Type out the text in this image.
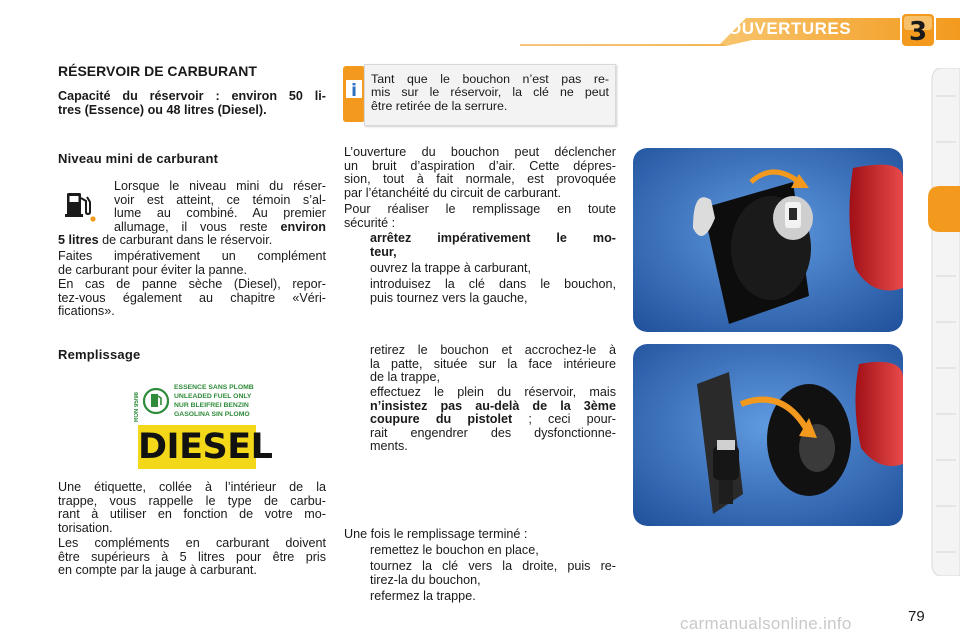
OUVERTURES 3
RÉSERVOIR DE CARBURANT
Capacité du réservoir : environ 50 li-
tres (Essence) ou 48 litres (Diesel).
Niveau mini de carburant
Lorsque le niveau mini du réser-
voir est atteint, ce témoin s’al-
lume au combiné. Au premier
allumage, il vous reste environ
5 litres de carburant dans le réservoir.
Faites impérativement un complément
de carburant pour éviter la panne.
En cas de panne sèche (Diesel), repor-
tez-vous également au chapitre «Véri-
fications».
Remplissage
RON 95/98
ESSENCE SANS PLOMB
UNLEADED FUEL ONLY
NUR BLEIFREI BENZIN
GASOLINA SIN PLOMO
DIESEL
Une étiquette, collée à l’intérieur de la
trappe, vous rappelle le type de carbu-
rant à utiliser en fonction de votre mo-
torisation.
Les compléments en carburant doivent
être supérieurs à 5 litres pour être pris
en compte par la jauge à carburant.
i
Tant que le bouchon n’est pas re-
mis sur le réservoir, la clé ne peut
être retirée de la serrure.
L’ouverture du bouchon peut déclencher
un bruit d’aspiration d’air. Cette dépres-
sion, tout à fait normale, est provoquée
par l’étanchéité du circuit de carburant.
Pour réaliser le remplissage en toute
sécurité :
arrêtez impérativement le mo-
teur,
ouvrez la trappe à carburant,
introduisez la clé dans le bouchon,
puis tournez vers la gauche,
retirez le bouchon et accrochez-le à
la patte, située sur la face intérieure
de la trappe,
effectuez le plein du réservoir, mais
n’insistez pas au-delà de la 3ème
coupure du pistolet ; ceci pour-
rait engendrer des dysfonctionne-
ments.
Une fois le remplissage terminé :
remettez le bouchon en place,
tournez la clé vers la droite, puis re-
tirez-la du bouchon,
refermez la trappe.
79
carmanualsonline.info
